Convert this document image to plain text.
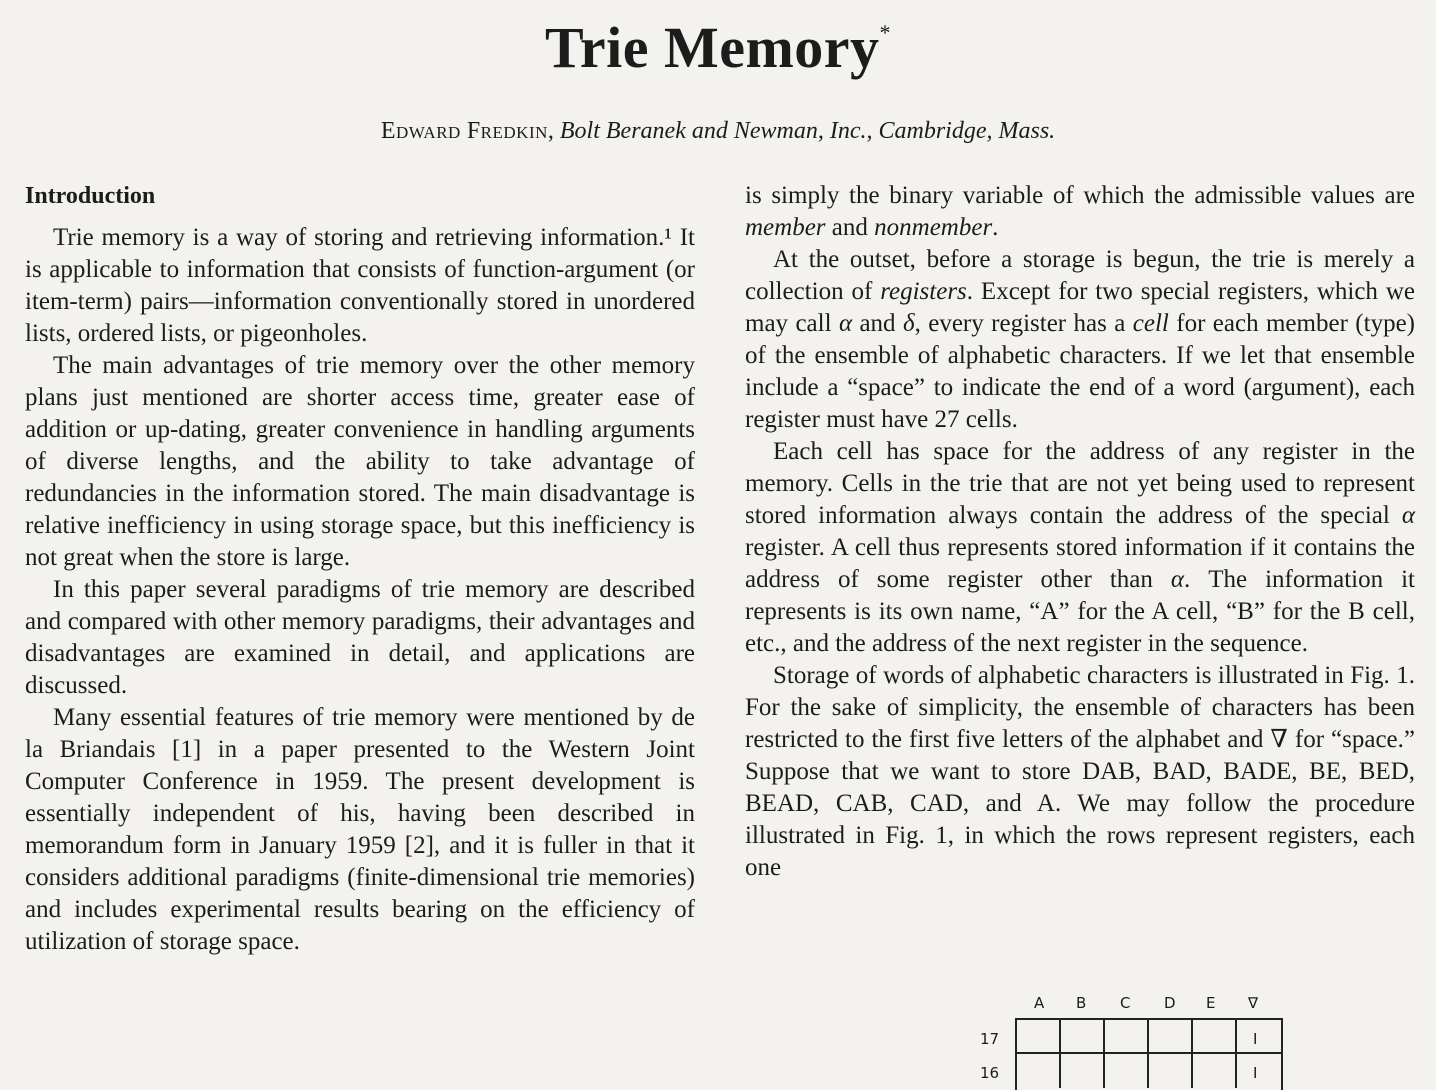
Trie Memory*
Edward Fredkin, Bolt Beranek and Newman, Inc., Cambridge, Mass.
Introduction

Trie memory is a way of storing and retrieving information.¹ It is applicable to information that consists of function-argument (or item-term) pairs—information conventionally stored in unordered lists, ordered lists, or pigeonholes.

The main advantages of trie memory over the other memory plans just mentioned are shorter access time, greater ease of addition or up-dating, greater convenience in handling arguments of diverse lengths, and the ability to take advantage of redundancies in the information stored. The main disadvantage is relative inefficiency in using storage space, but this inefficiency is not great when the store is large.

In this paper several paradigms of trie memory are described and compared with other memory paradigms, their advantages and disadvantages are examined in detail, and applications are discussed.

Many essential features of trie memory were mentioned by de la Briandais [1] in a paper presented to the Western Joint Computer Conference in 1959. The present development is essentially independent of his, having been described in memorandum form in January 1959 [2], and it is fuller in that it considers additional paradigms (finite-dimensional trie memories) and includes experimental results bearing on the efficiency of utilization of storage space.

is simply the binary variable of which the admissible values are member and nonmember.

At the outset, before a storage is begun, the trie is merely a collection of registers. Except for two special registers, which we may call α and δ, every register has a cell for each member (type) of the ensemble of alphabetic characters. If we let that ensemble include a “space” to indicate the end of a word (argument), each register must have 27 cells.

Each cell has space for the address of any register in the memory. Cells in the trie that are not yet being used to represent stored information always contain the address of the special α register. A cell thus represents stored information if it contains the address of some register other than α. The information it represents is its own name, “A” for the A cell, “B” for the B cell, etc., and the address of the next register in the sequence.

Storage of words of alphabetic characters is illustrated in Fig. 1. For the sake of simplicity, the ensemble of characters has been restricted to the first five letters of the alphabet and ∇ for “space.” Suppose that we want to store DAB, BAD, BADE, BE, BED, BEAD, CAB, CAD, and A. We may follow the procedure illustrated in Fig. 1, in which the rows represent registers, each one

A B C D E ∇
17	I
16	I
